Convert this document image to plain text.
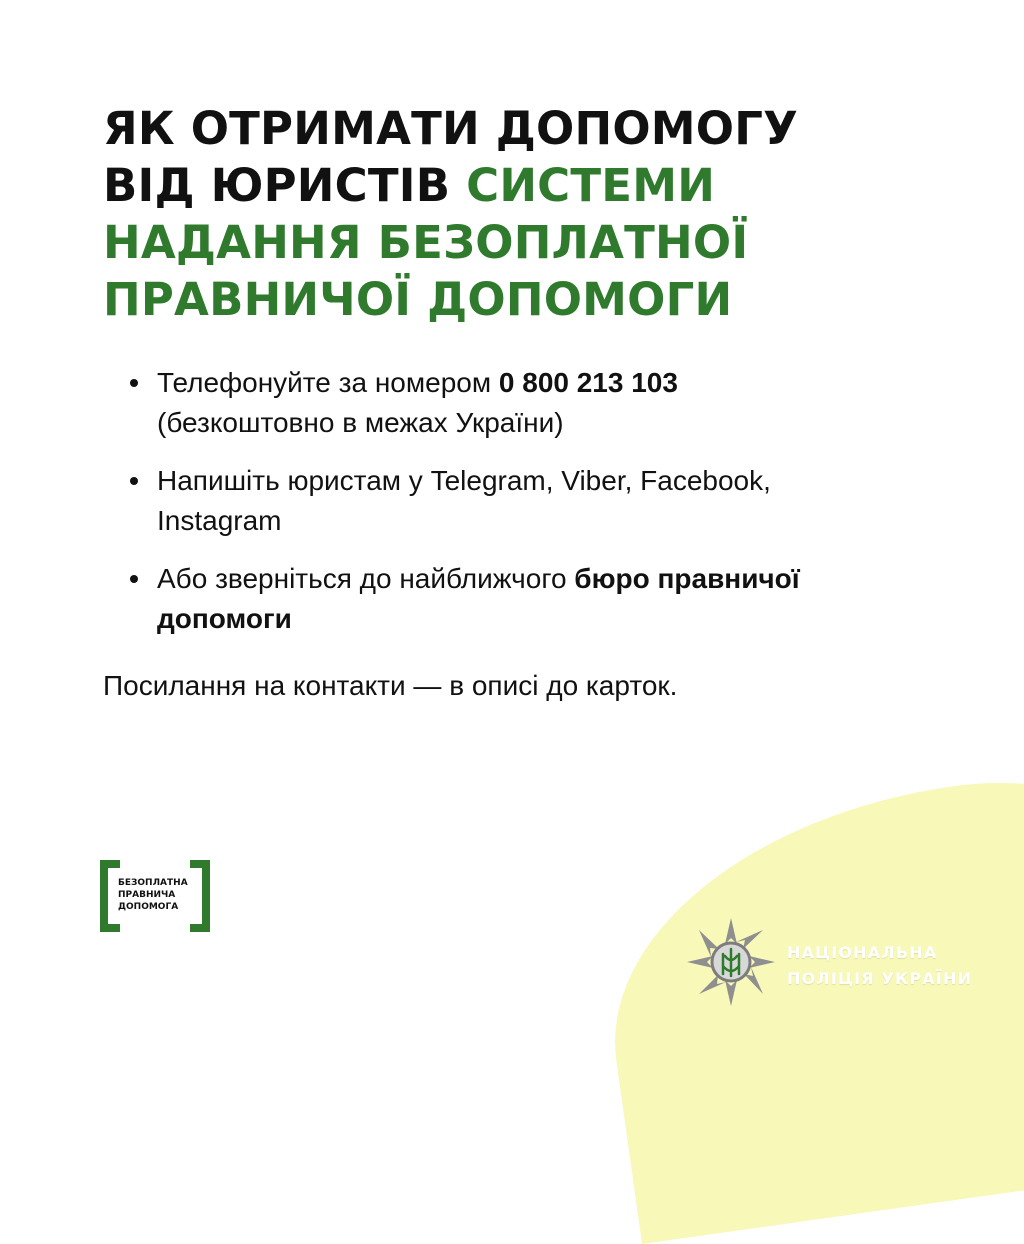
ЯК ОТРИМАТИ ДОПОМОГУ
ВІД ЮРИСТІВ СИСТЕМИ
НАДАННЯ БЕЗОПЛАТНОЇ
ПРАВНИЧОЇ ДОПОМОГИ
Телефонуйте за номером 0 800 213 103
(безкоштовно в межах України)
Напишіть юристам у Telegram, Viber, Facebook,
Instagram
Або зверніться до найближчого бюро правничої
допомоги

Посилання на контакти — в описі до карток.

БЕЗОПЛАТНА
ПРАВНИЧА
ДОПОМОГА

НАЦІОНАЛЬНА
ПОЛІЦІЯ УКРАЇНИ
